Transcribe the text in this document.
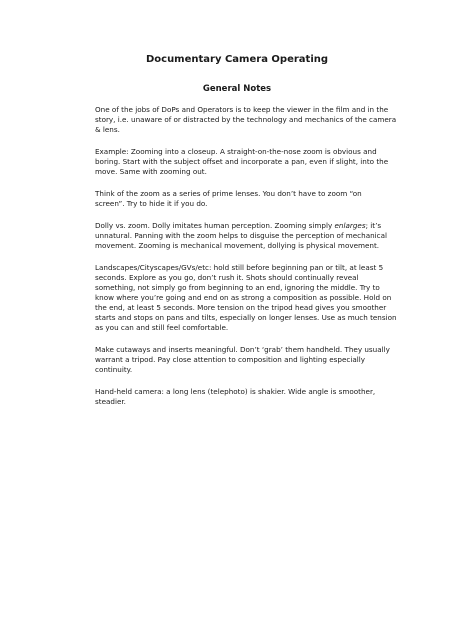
Documentary Camera Operating
General Notes

One of the jobs of DoPs and Operators is to keep the viewer in the film and in the
story, i.e. unaware of or distracted by the technology and mechanics of the camera
& lens.

Example: Zooming into a closeup. A straight-on-the-nose zoom is obvious and
boring. Start with the subject offset and incorporate a pan, even if slight, into the
move. Same with zooming out.

Think of the zoom as a series of prime lenses. You don’t have to zoom “on
screen”. Try to hide it if you do.

Dolly vs. zoom. Dolly imitates human perception. Zooming simply enlarges; it’s
unnatural. Panning with the zoom helps to disguise the perception of mechanical
movement. Zooming is mechanical movement, dollying is physical movement.

Landscapes/Cityscapes/GVs/etc: hold still before beginning pan or tilt, at least 5
seconds. Explore as you go, don’t rush it. Shots should continually reveal
something, not simply go from beginning to an end, ignoring the middle. Try to
know where you’re going and end on as strong a composition as possible. Hold on
the end, at least 5 seconds. More tension on the tripod head gives you smoother
starts and stops on pans and tilts, especially on longer lenses. Use as much tension
as you can and still feel comfortable.

Make cutaways and inserts meaningful. Don’t ‘grab’ them handheld. They usually
warrant a tripod. Pay close attention to composition and lighting especially
continuity.

Hand-held camera: a long lens (telephoto) is shakier. Wide angle is smoother,
steadier.
